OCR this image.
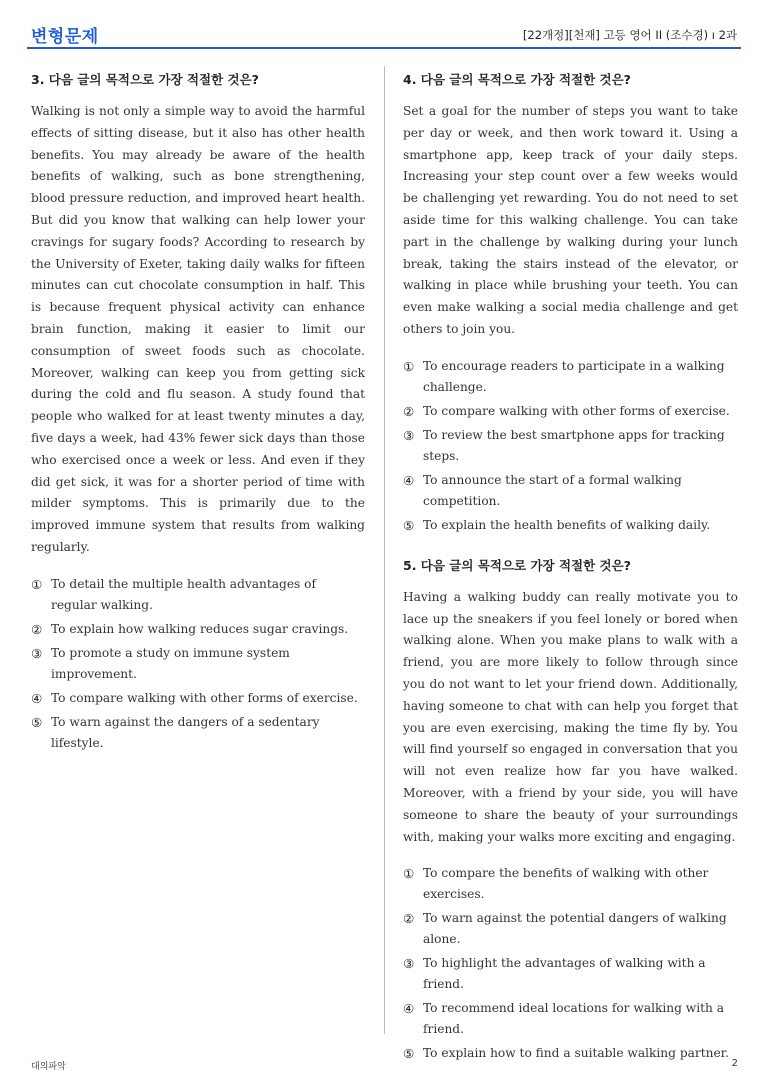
변형문제	[22개정][천재] 고등 영어 II (조수경) ı 2과
3. 다음 글의 목적으로 가장 적절한 것은?

Walking is not only a simple way to avoid the harmful effects of sitting disease, but it also has other health benefits. You may already be aware of the health benefits of walking, such as bone strengthening, blood pressure reduction, and improved heart health. But did you know that walking can help lower your cravings for sugary foods? According to research by the University of Exeter, taking daily walks for fifteen minutes can cut chocolate consumption in half. This is because frequent physical activity can enhance brain function, making it easier to limit our consumption of sweet foods such as chocolate. Moreover, walking can keep you from getting sick during the cold and flu season. A study found that people who walked for at least twenty minutes a day, five days a week, had 43% fewer sick days than those who exercised once a week or less. And even if they did get sick, it was for a shorter period of time with milder symptoms. This is primarily due to the improved immune system that results from walking regularly.

① To detail the multiple health advantages of regular walking.
② To explain how walking reduces sugar cravings.
③ To promote a study on immune system improvement.
④ To compare walking with other forms of exercise.
⑤ To warn against the dangers of a sedentary lifestyle.
4. 다음 글의 목적으로 가장 적절한 것은?

Set a goal for the number of steps you want to take per day or week, and then work toward it. Using a smartphone app, keep track of your daily steps. Increasing your step count over a few weeks would be challenging yet rewarding. You do not need to set aside time for this walking challenge. You can take part in the challenge by walking during your lunch break, taking the stairs instead of the elevator, or walking in place while brushing your teeth. You can even make walking a social media challenge and get others to join you.

① To encourage readers to participate in a walking challenge.
② To compare walking with other forms of exercise.
③ To review the best smartphone apps for tracking steps.
④ To announce the start of a formal walking competition.
⑤ To explain the health benefits of walking daily.
5. 다음 글의 목적으로 가장 적절한 것은?

Having a walking buddy can really motivate you to lace up the sneakers if you feel lonely or bored when walking alone. When you make plans to walk with a friend, you are more likely to follow through since you do not want to let your friend down. Additionally, having someone to chat with can help you forget that you are even exercising, making the time fly by. You will find yourself so engaged in conversation that you will not even realize how far you have walked. Moreover, with a friend by your side, you will have someone to share the beauty of your surroundings with, making your walks more exciting and engaging.

① To compare the benefits of walking with other exercises.
② To warn against the potential dangers of walking alone.
③ To highlight the advantages of walking with a friend.
④ To recommend ideal locations for walking with a friend.
⑤ To explain how to find a suitable walking partner.
대의파악	2
